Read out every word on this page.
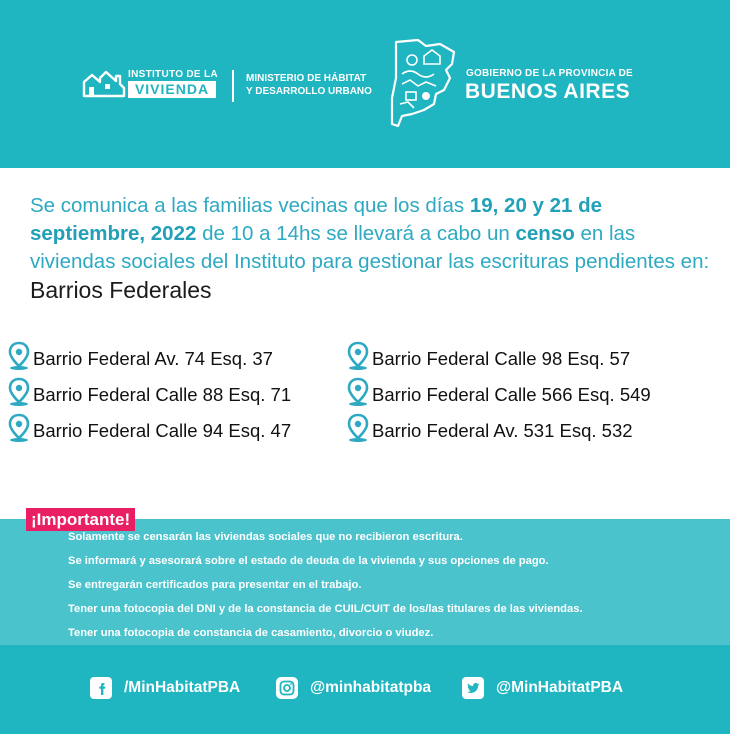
INSTITUTO DE LA
VIVIENDA
MINISTERIO DE HÁBITAT
Y DESARROLLO URBANO
GOBIERNO DE LA PROVINCIA DE
BUENOS AIRES

Se comunica a las familias vecinas que los días 19, 20 y 21 de septiembre, 2022 de 10 a 14hs se llevará a cabo un censo en las viviendas sociales del Instituto para gestionar las escrituras pendientes en: Barrios Federales

Barrio Federal Av. 74 Esq. 37
Barrio Federal Calle 88 Esq. 71
Barrio Federal Calle 94 Esq. 47
Barrio Federal Calle 98 Esq. 57
Barrio Federal Calle 566 Esq. 549
Barrio Federal Av. 531 Esq. 532
¡Importante!
Solamente se censarán las viviendas sociales que no recibieron escritura.
Se informará y asesorará sobre el estado de deuda de la vivienda y sus opciones de pago.
Se entregarán certificados para presentar en el trabajo.
Tener una fotocopia del DNI y de la constancia de CUIL/CUIT de los/las titulares de las viviendas.
Tener una fotocopia de constancia de casamiento, divorcio o viudez.
/MinHabitatPBA	@minhabitatpba	@MinHabitatPBA
